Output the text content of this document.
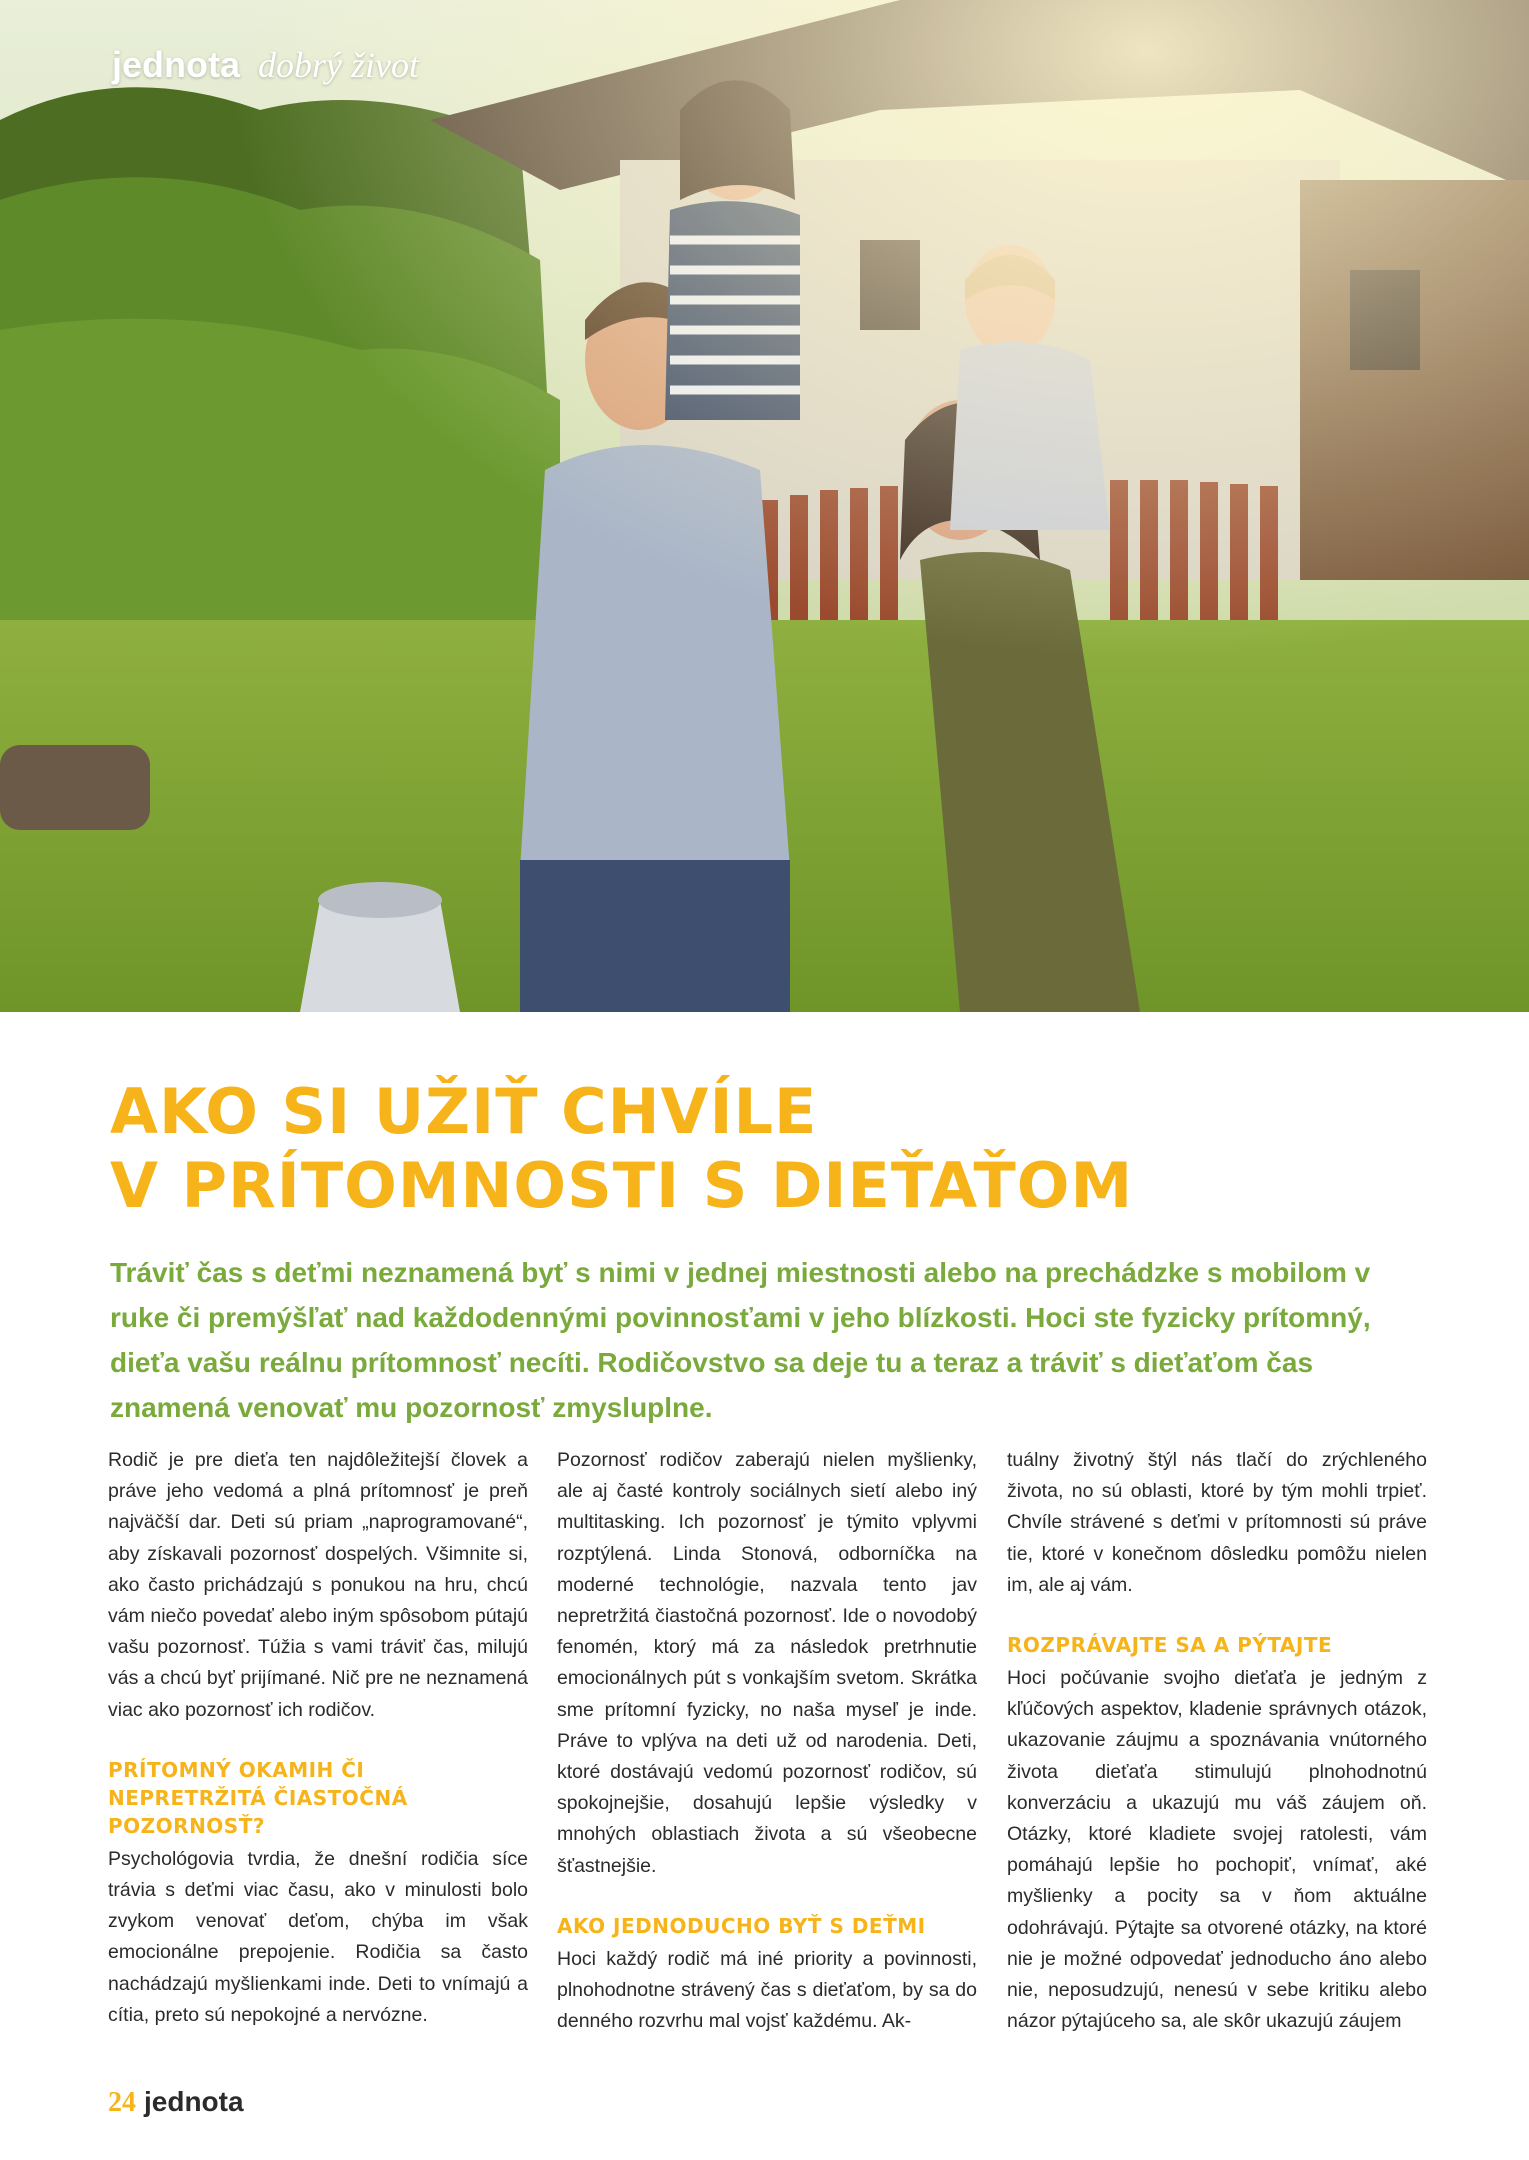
jednota dobrý život
AKO SI UŽIŤ CHVÍLE
V PRÍTOMNOSTI S DIEŤAŤOM

Tráviť čas s deťmi neznamená byť s nimi v jednej miestnosti alebo na prechádzke s mobilom v ruke či premýšľať nad každodennými povinnosťami v jeho blízkosti. Hoci ste fyzicky prítomný, dieťa vašu reálnu prítomnosť necíti. Rodičovstvo sa deje tu a teraz a tráviť s dieťaťom čas znamená venovať mu pozornosť zmysluplne.

Rodič je pre dieťa ten najdôležitejší človek a práve jeho vedomá a plná prítomnosť je preň najväčší dar. Deti sú priam „naprogramované“, aby získavali pozornosť dospelých. Všimnite si, ako často prichádzajú s ponukou na hru, chcú vám niečo povedať alebo iným spôsobom pútajú vašu pozornosť. Túžia s vami tráviť čas, milujú vás a chcú byť prijímané. Nič pre ne neznamená viac ako pozornosť ich rodičov.

PRÍTOMNÝ OKAMIH ČI NEPRETRŽITÁ ČIASTOČNÁ POZORNOSŤ?

Psychológovia tvrdia, že dnešní rodičia síce trávia s deťmi viac času, ako v minulosti bolo zvykom venovať deťom, chýba im však emocionálne prepojenie. Rodičia sa často nachádzajú myšlienkami inde. Deti to vnímajú a cítia, preto sú nepokojné a nervózne.

Pozornosť rodičov zaberajú nielen myšlienky, ale aj časté kontroly sociálnych sietí alebo iný multitasking. Ich pozornosť je týmito vplyvmi rozptýlená. Linda Stonová, odborníčka na moderné technológie, nazvala tento jav nepretržitá čiastočná pozornosť. Ide o novodobý fenomén, ktorý má za následok pretrhnutie emocionálnych pút s vonkajším svetom. Skrátka sme prítomní fyzicky, no naša myseľ je inde. Práve to vplýva na deti už od narodenia. Deti, ktoré dostávajú vedomú pozornosť rodičov, sú spokojnejšie, dosahujú lepšie výsledky v mnohých oblastiach života a sú všeobecne šťastnejšie.

AKO JEDNODUCHO BYŤ S DEŤMI

Hoci každý rodič má iné priority a povinnosti, plnohodnotne strávený čas s dieťaťom, by sa do denného rozvrhu mal vojsť každému. Ak-

tuálny životný štýl nás tlačí do zrýchleného života, no sú oblasti, ktoré by tým mohli trpieť. Chvíle strávené s deťmi v prítomnosti sú práve tie, ktoré v konečnom dôsledku pomôžu nielen im, ale aj vám.

ROZPRÁVAJTE SA A PÝTAJTE

Hoci počúvanie svojho dieťaťa je jedným z kľúčových aspektov, kladenie správnych otázok, ukazovanie záujmu a spoznávania vnútorného života dieťaťa stimulujú plnohodnotnú konverzáciu a ukazujú mu váš záujem oň. Otázky, ktoré kladiete svojej ratolesti, vám pomáhajú lepšie ho pochopiť, vnímať, aké myšlienky a pocity sa v ňom aktuálne odohrávajú. Pýtajte sa otvorené otázky, na ktoré nie je možné odpovedať jednoducho áno alebo nie, neposudzujú, nenesú v sebe kritiku alebo názor pýtajúceho sa, ale skôr ukazujú záujem

24 jednota
